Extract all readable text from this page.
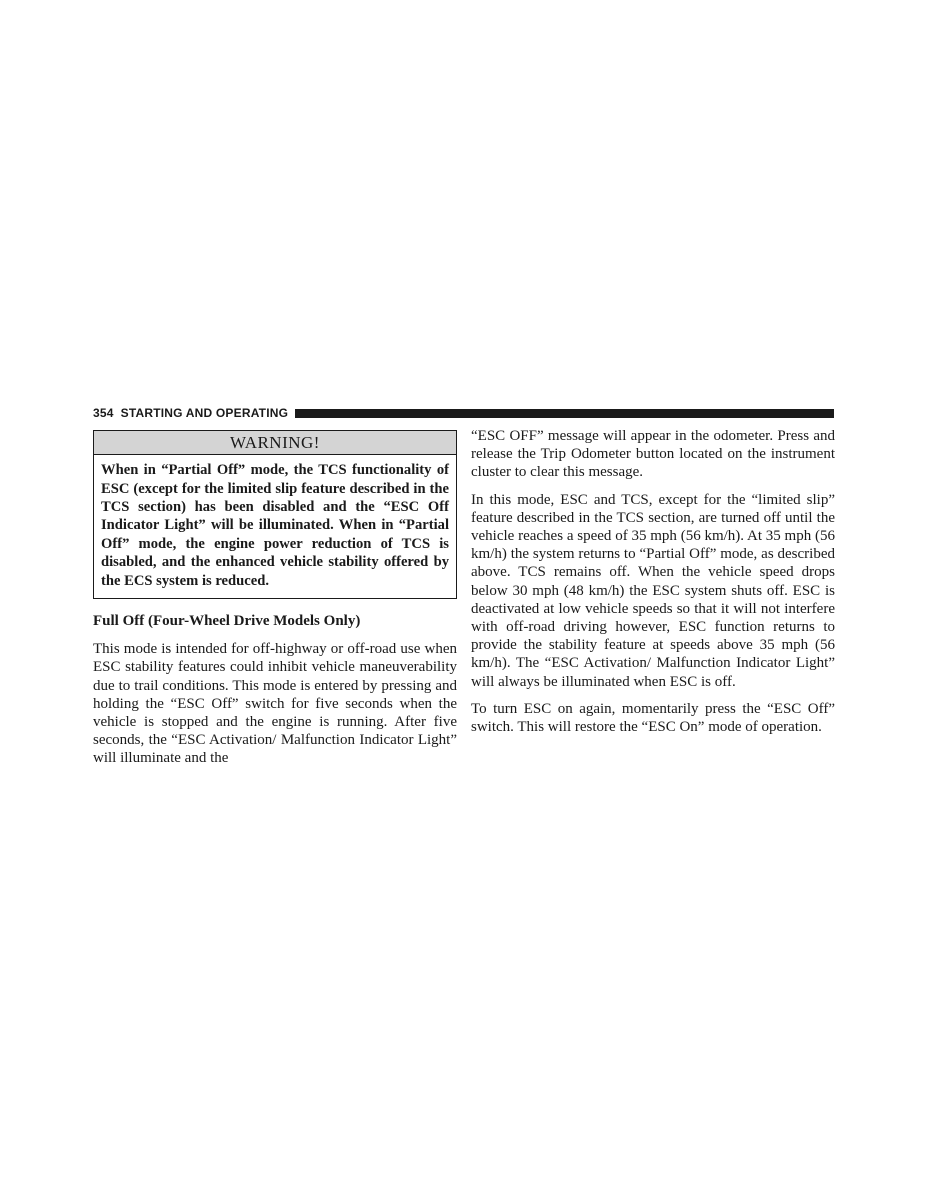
354 STARTING AND OPERATING
WARNING!
When in “Partial Off” mode, the TCS functionality of ESC (except for the limited slip feature described in the TCS section) has been disabled and the “ESC Off Indicator Light” will be illuminated. When in “Partial Off” mode, the engine power reduction of TCS is disabled, and the enhanced vehicle stability offered by the ECS system is reduced.
Full Off (Four-Wheel Drive Models Only)

This mode is intended for off-highway or off-road use when ESC stability features could inhibit vehicle maneuverability due to trail conditions. This mode is entered by pressing and holding the “ESC Off” switch for five seconds when the vehicle is stopped and the engine is running. After five seconds, the “ESC Activation/ Malfunction Indicator Light” will illuminate and the

“ESC OFF” message will appear in the odometer. Press and release the Trip Odometer button located on the instrument cluster to clear this message.

In this mode, ESC and TCS, except for the “limited slip” feature described in the TCS section, are turned off until the vehicle reaches a speed of 35 mph (56 km/h). At 35 mph (56 km/h) the system returns to “Partial Off” mode, as described above. TCS remains off. When the vehicle speed drops below 30 mph (48 km/h) the ESC system shuts off. ESC is deactivated at low vehicle speeds so that it will not interfere with off-road driving however, ESC function returns to provide the stability feature at speeds above 35 mph (56 km/h). The “ESC Activation/ Malfunction Indicator Light” will always be illuminated when ESC is off.

To turn ESC on again, momentarily press the “ESC Off” switch. This will restore the “ESC On” mode of operation.
